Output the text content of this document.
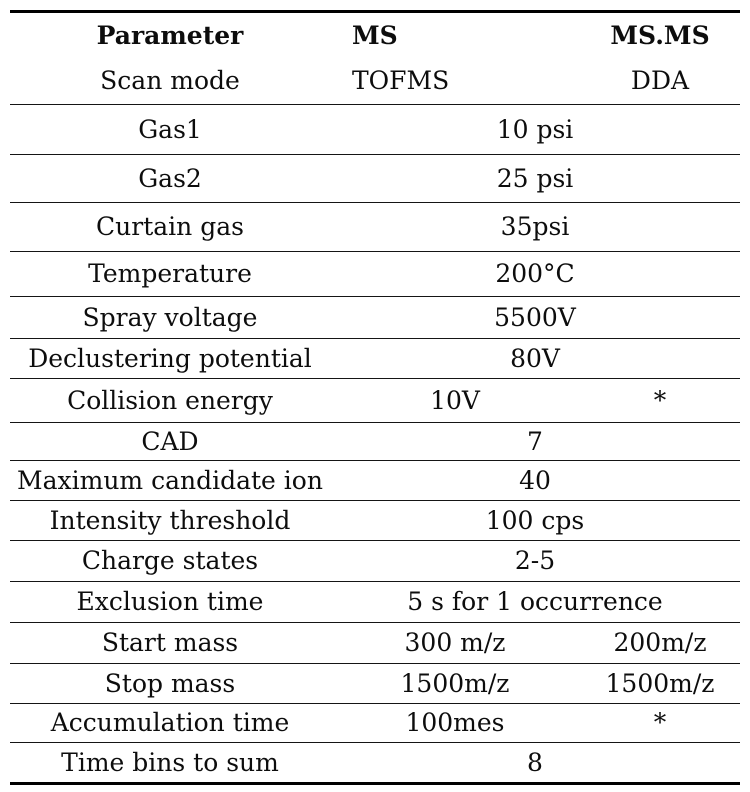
Parameter	MS	MS.MS
Scan mode	TOFMS	DDA
Gas1	10 psi
Gas2	25 psi
Curtain gas	35psi
Temperature	200°C
Spray voltage	5500V
Declustering potential	80V
Collision energy	10V	*
CAD	7
Maximum candidate ion	40
Intensity threshold	100 cps
Charge states	2-5
Exclusion time	5 s for 1 occurrence
Start mass	300 m/z	200m/z
Stop mass	1500m/z	1500m/z
Accumulation time	100mes	*
Time bins to sum	8
